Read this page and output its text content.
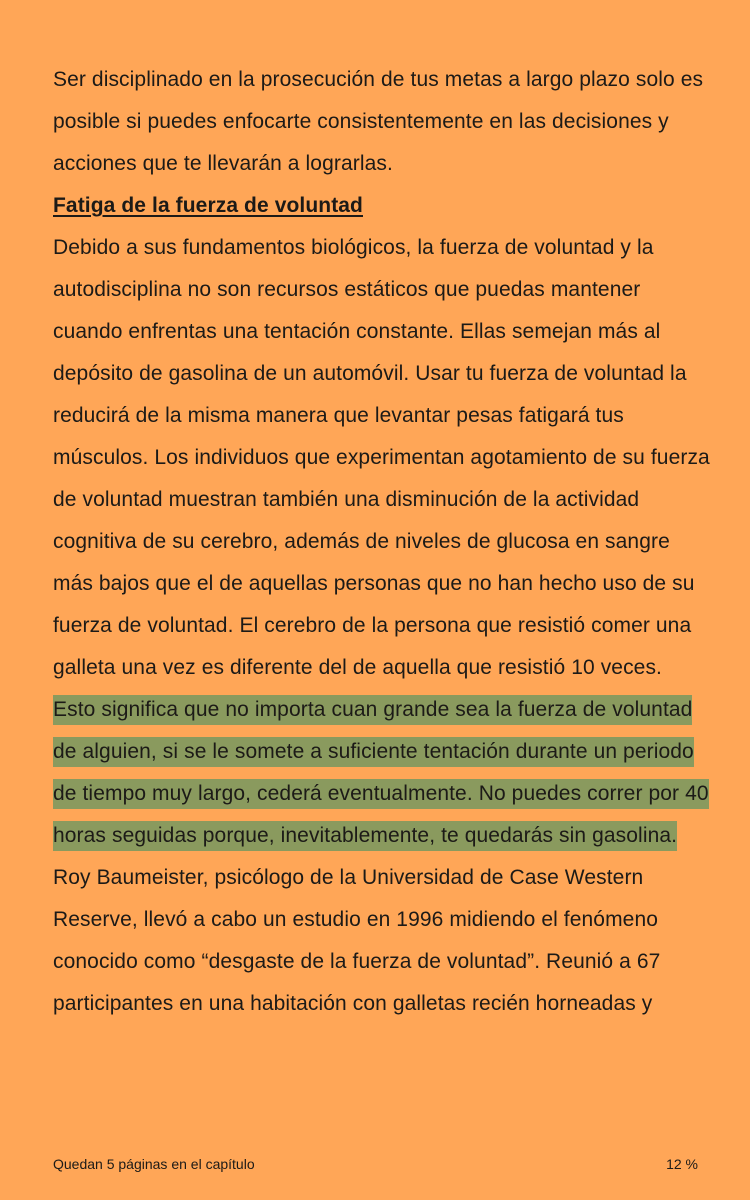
Ser disciplinado en la prosecución de tus metas a largo plazo solo es posible si puedes enfocarte consistentemente en las decisiones y acciones que te llevarán a lograrlas.

Fatiga de la fuerza de voluntad

Debido a sus fundamentos biológicos, la fuerza de voluntad y la autodisciplina no son recursos estáticos que puedas mantener cuando enfrentas una tentación constante. Ellas semejan más al depósito de gasolina de un automóvil. Usar tu fuerza de voluntad la reducirá de la misma manera que levantar pesas fatigará tus músculos. Los individuos que experimentan agotamiento de su fuerza de voluntad muestran también una disminución de la actividad cognitiva de su cerebro, además de niveles de glucosa en sangre más bajos que el de aquellas personas que no han hecho uso de su fuerza de voluntad. El cerebro de la persona que resistió comer una galleta una vez es diferente del de aquella que resistió 10 veces.

Esto significa que no importa cuan grande sea la fuerza de voluntad de alguien, si se le somete a suficiente tentación durante un periodo de tiempo muy largo, cederá eventualmente. No puedes correr por 40 horas seguidas porque, inevitablemente, te quedarás sin gasolina.

Roy Baumeister, psicólogo de la Universidad de Case Western Reserve, llevó a cabo un estudio en 1996 midiendo el fenómeno conocido como “desgaste de la fuerza de voluntad”. Reunió a 67 participantes en una habitación con galletas recién horneadas y

Quedan 5 páginas en el capítulo	12 %
